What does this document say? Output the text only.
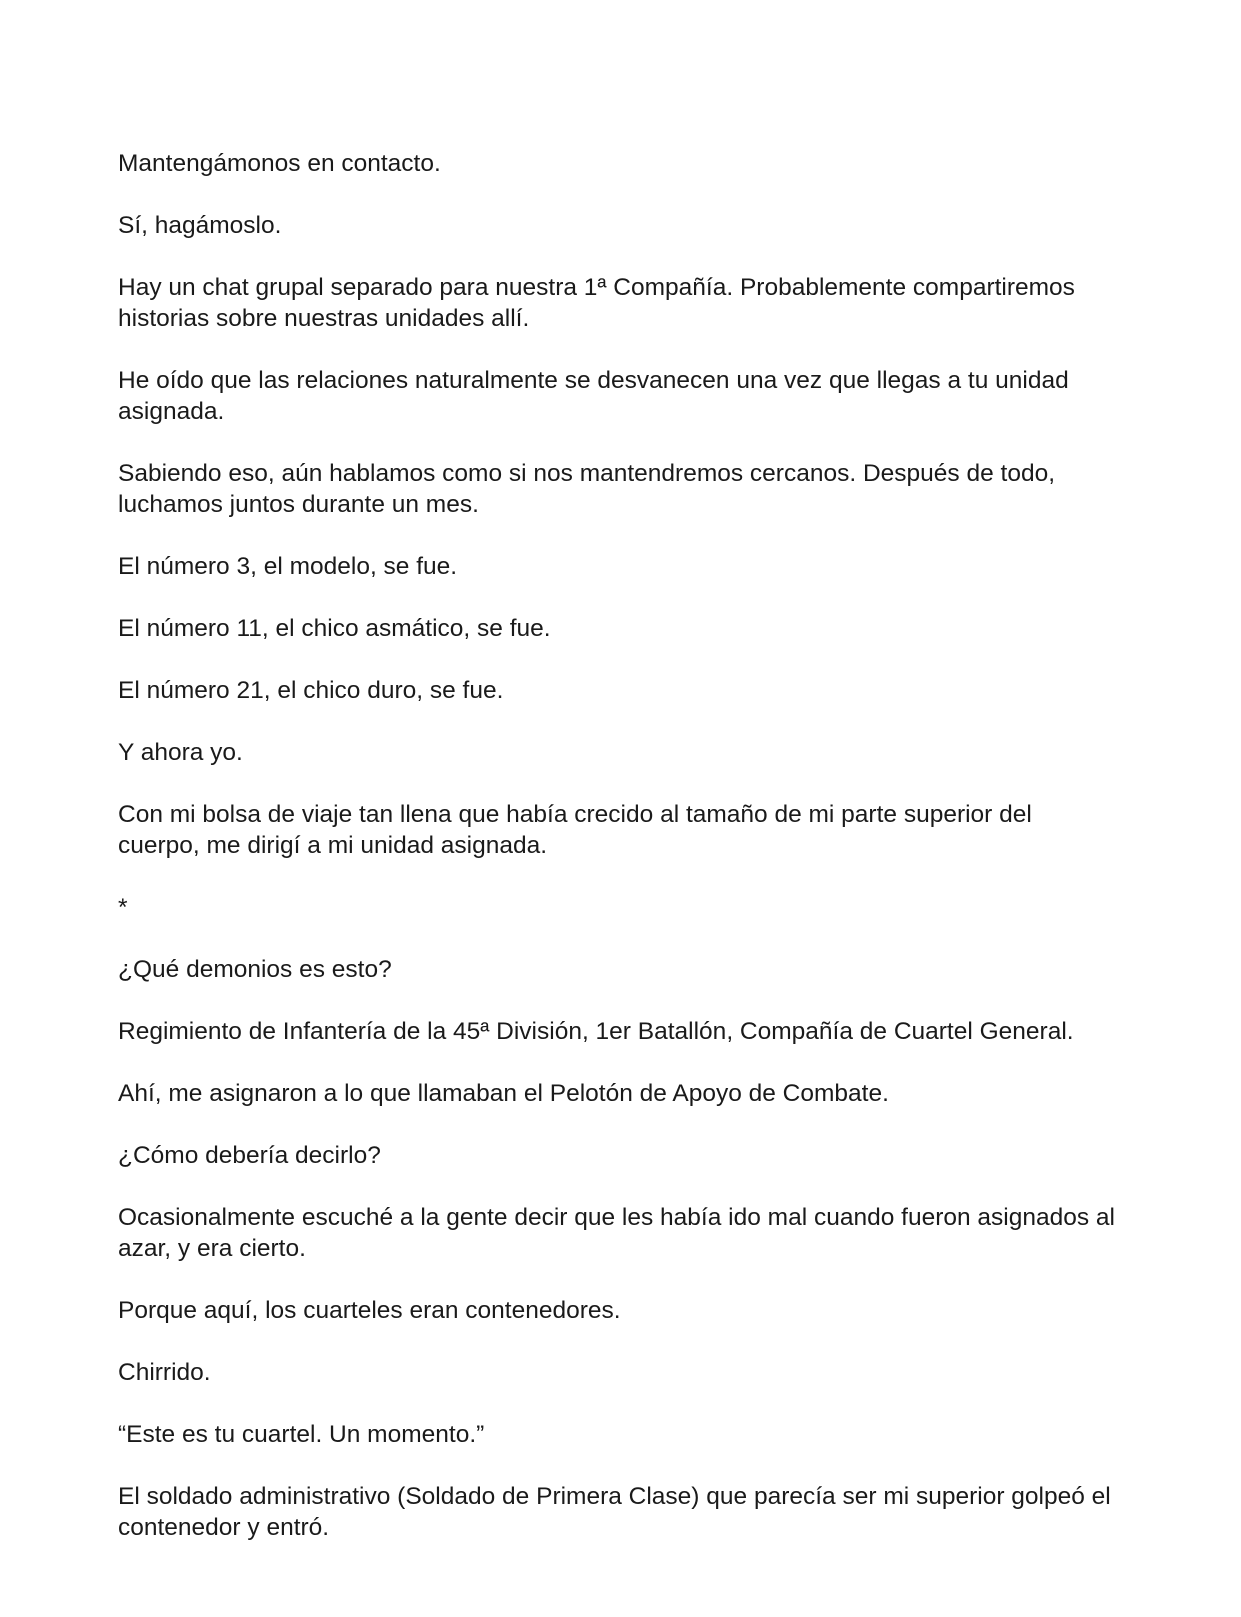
Mantengámonos en contacto.

Sí, hagámoslo.

Hay un chat grupal separado para nuestra 1ª Compañía. Probablemente compartiremos historias sobre nuestras unidades allí.

He oído que las relaciones naturalmente se desvanecen una vez que llegas a tu unidad asignada.

Sabiendo eso, aún hablamos como si nos mantendremos cercanos. Después de todo, luchamos juntos durante un mes.

El número 3, el modelo, se fue.

El número 11, el chico asmático, se fue.

El número 21, el chico duro, se fue.

Y ahora yo.

Con mi bolsa de viaje tan llena que había crecido al tamaño de mi parte superior del cuerpo, me dirigí a mi unidad asignada.

*

¿Qué demonios es esto?

Regimiento de Infantería de la 45ª División, 1er Batallón, Compañía de Cuartel General.

Ahí, me asignaron a lo que llamaban el Pelotón de Apoyo de Combate.

¿Cómo debería decirlo?

Ocasionalmente escuché a la gente decir que les había ido mal cuando fueron asignados al azar, y era cierto.

Porque aquí, los cuarteles eran contenedores.

Chirrido.

“Este es tu cuartel. Un momento.”

El soldado administrativo (Soldado de Primera Clase) que parecía ser mi superior golpeó el contenedor y entró.
